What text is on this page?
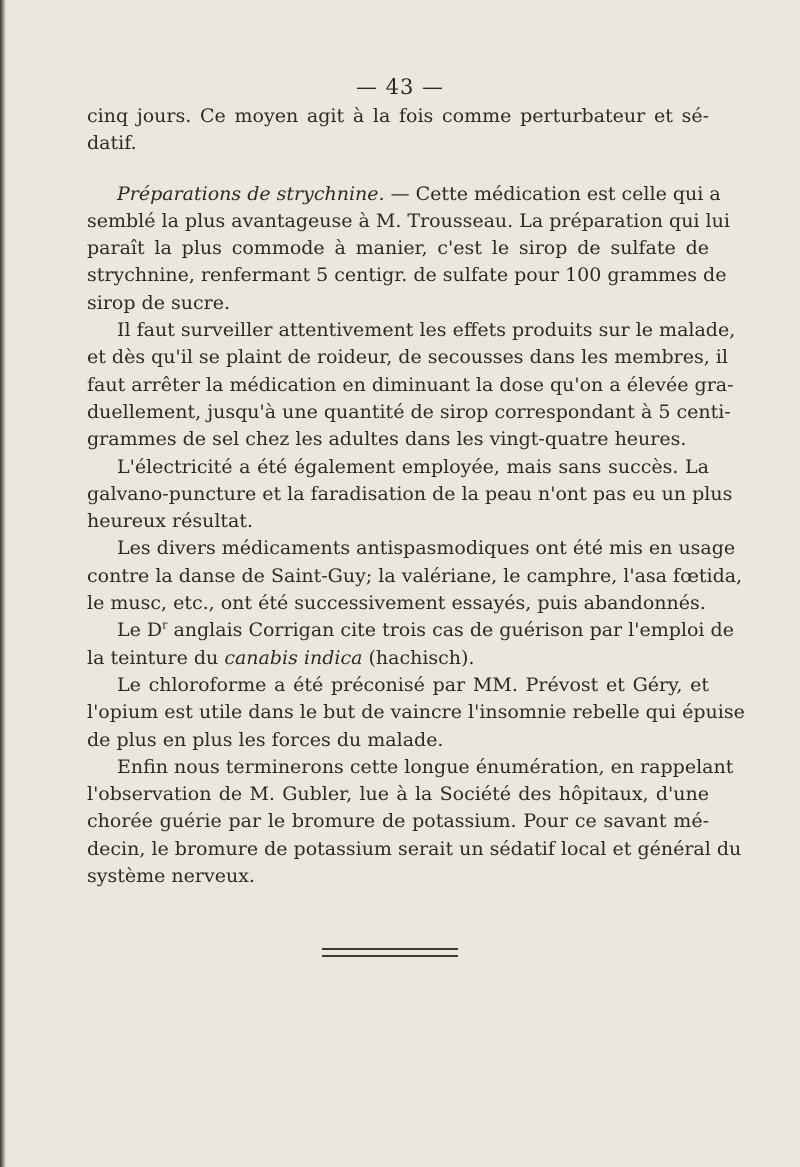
— 43 —
cinq jours. Ce moyen agit à la fois comme perturbateur et sé-
datif.
Préparations de strychnine. — Cette médication est celle qui a
semblé la plus avantageuse à M. Trousseau. La préparation qui lui
paraît la plus commode à manier, c'est le sirop de sulfate de
strychnine, renfermant 5 centigr. de sulfate pour 100 grammes de
sirop de sucre.
Il faut surveiller attentivement les effets produits sur le malade,
et dès qu'il se plaint de roideur, de secousses dans les membres, il
faut arrêter la médication en diminuant la dose qu'on a élevée gra-
duellement, jusqu'à une quantité de sirop correspondant à 5 centi-
grammes de sel chez les adultes dans les vingt-quatre heures.
L'électricité a été également employée, mais sans succès. La
galvano-puncture et la faradisation de la peau n'ont pas eu un plus
heureux résultat.
Les divers médicaments antispasmodiques ont été mis en usage
contre la danse de Saint-Guy; la valériane, le camphre, l'asa fœtida,
le musc, etc., ont été successivement essayés, puis abandonnés.
Le $D^r$ anglais Corrigan cite trois cas de guérison par l'emploi de
la teinture du canabis indica (hachisch).
Le chloroforme a été préconisé par MM. Prévost et Géry, et
l'opium est utile dans le but de vaincre l'insomnie rebelle qui épuise
de plus en plus les forces du malade.
Enfin nous terminerons cette longue énumération, en rappelant
l'observation de M. Gubler, lue à la Société des hôpitaux, d'une
chorée guérie par le bromure de potassium. Pour ce savant mé-
decin, le bromure de potassium serait un sédatif local et général du
système nerveux.
